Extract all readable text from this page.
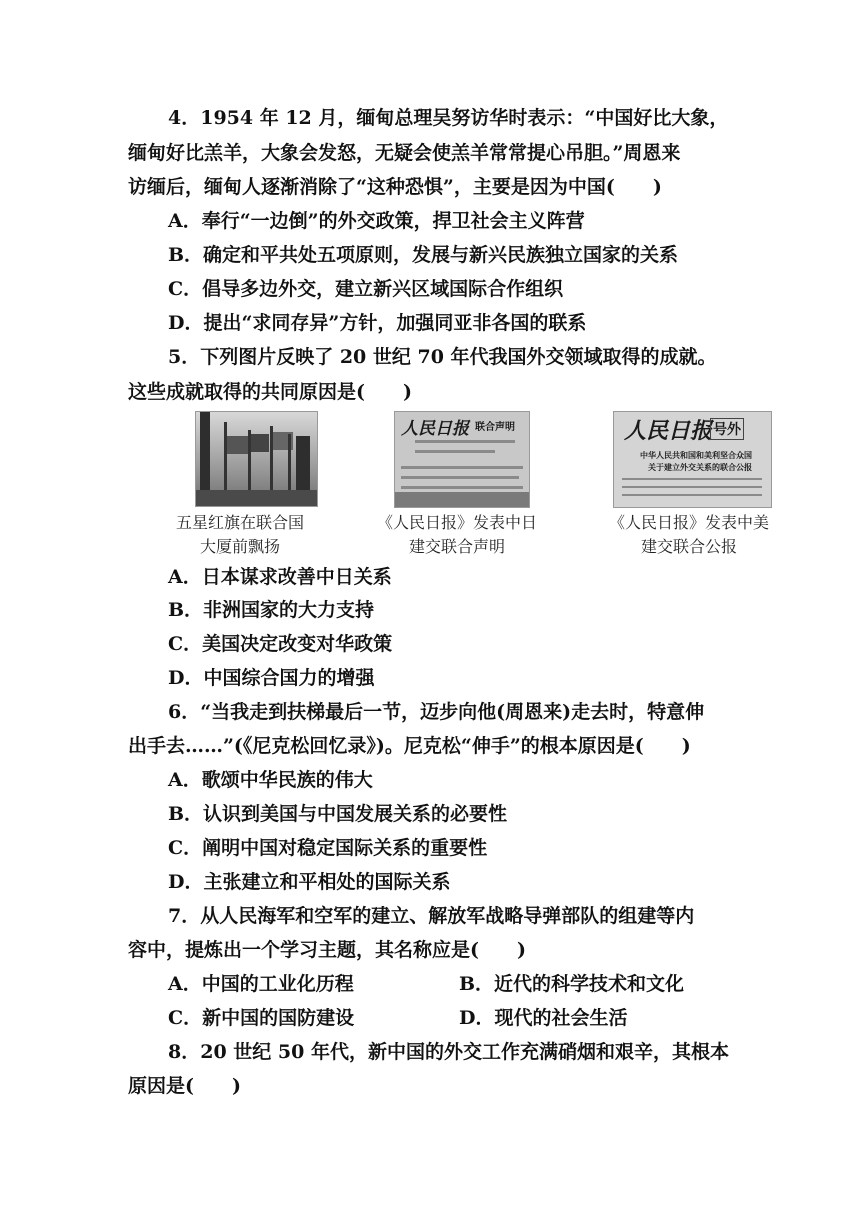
4．1954 年 12 月，缅甸总理吴努访华时表示：“中国好比大象，
缅甸好比羔羊，大象会发怒，无疑会使羔羊常常提心吊胆。”周恩来
访缅后，缅甸人逐渐消除了“这种恐惧”，主要是因为中国(　　)
A．奉行“一边倒”的外交政策，捍卫社会主义阵营
B．确定和平共处五项原则，发展与新兴民族独立国家的关系
C．倡导多边外交，建立新兴区域国际合作组织
D．提出“求同存异”方针，加强同亚非各国的联系
5．下列图片反映了 20 世纪 70 年代我国外交领域取得的成就。
这些成就取得的共同原因是(　　)
人民日报 联合声明	人民日报 号外
中华人民共和国和美利坚合众国
关于建立外交关系的联合公报
五星红旗在联合国
大厦前飘扬
《人民日报》发表中日
建交联合声明
《人民日报》发表中美
建交联合公报
A．日本谋求改善中日关系
B．非洲国家的大力支持
C．美国决定改变对华政策
D．中国综合国力的增强
6．“当我走到扶梯最后一节，迈步向他(周恩来)走去时，特意伸
出手去……”(《尼克松回忆录》)。尼克松“伸手”的根本原因是(　　)
A．歌颂中华民族的伟大
B．认识到美国与中国发展关系的必要性
C．阐明中国对稳定国际关系的重要性
D．主张建立和平相处的国际关系
7．从人民海军和空军的建立、解放军战略导弹部队的组建等内
容中，提炼出一个学习主题，其名称应是(　　)
A．中国的工业化历程	B．近代的科学技术和文化
C．新中国的国防建设	D．现代的社会生活
8．20 世纪 50 年代，新中国的外交工作充满硝烟和艰辛，其根本
原因是(　　)
